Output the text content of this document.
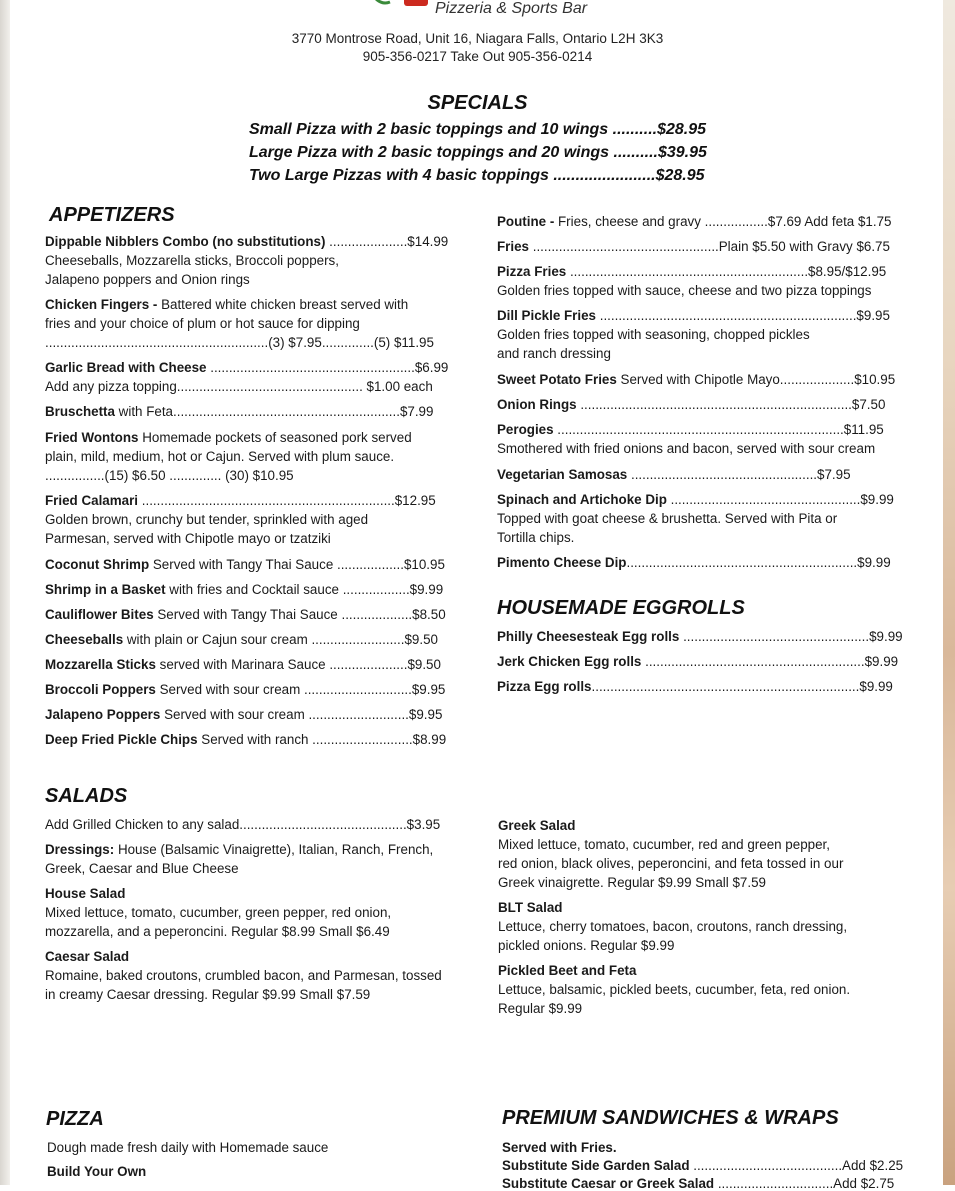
Pizzeria & Sports Bar
3770 Montrose Road, Unit 16, Niagara Falls, Ontario L2H 3K3
905-356-0217 Take Out 905-356-0214
SPECIALS
Small Pizza with 2 basic toppings and 10 wings ..........$28.95
Large Pizza with 2 basic toppings and 20 wings ..........$39.95
Two Large Pizzas with 4 basic toppings .......................$28.95
APPETIZERS
Dippable Nibblers Combo (no substitutions) .....................$14.99
Cheeseballs, Mozzarella sticks, Broccoli poppers,
Jalapeno poppers and Onion rings
Chicken Fingers - Battered white chicken breast served with
fries and your choice of plum or hot sauce for dipping
............................................................(3) $7.95..............(5) $11.95
Garlic Bread with Cheese .......................................................$6.99
Add any pizza topping.................................................. $1.00 each
Bruschetta with Feta.............................................................$7.99
Fried Wontons Homemade pockets of seasoned pork served
plain, mild, medium, hot or Cajun. Served with plum sauce.
................(15) $6.50 .............. (30) $10.95
Fried Calamari ....................................................................$12.95
Golden brown, crunchy but tender, sprinkled with aged
Parmesan, served with Chipotle mayo or tzatziki
Coconut Shrimp Served with Tangy Thai Sauce ..................$10.95
Shrimp in a Basket with fries and Cocktail sauce ..................$9.99
Cauliflower Bites Served with Tangy Thai Sauce ...................$8.50
Cheeseballs with plain or Cajun sour cream .........................$9.50
Mozzarella Sticks served with Marinara Sauce .....................$9.50
Broccoli Poppers Served with sour cream .............................$9.95
Jalapeno Poppers Served with sour cream ...........................$9.95
Deep Fried Pickle Chips Served with ranch ...........................$8.99
Poutine - Fries, cheese and gravy .................$7.69 Add feta $1.75
Fries ..................................................Plain $5.50 with Gravy $6.75
Pizza Fries ................................................................$8.95/$12.95
Golden fries topped with sauce, cheese and two pizza toppings
Dill Pickle Fries .....................................................................$9.95
Golden fries topped with seasoning, chopped pickles
and ranch dressing
Sweet Potato Fries Served with Chipotle Mayo....................$10.95
Onion Rings .........................................................................$7.50
Perogies .............................................................................$11.95
Smothered with fried onions and bacon, served with sour cream
Vegetarian Samosas ..................................................$7.95
Spinach and Artichoke Dip ...................................................$9.99
Topped with goat cheese & brushetta. Served with Pita or
Tortilla chips.
Pimento Cheese Dip..............................................................$9.99
HOUSEMADE EGGROLLS
Philly Cheesesteak Egg rolls ..................................................$9.99
Jerk Chicken Egg rolls ...........................................................$9.99
Pizza Egg rolls........................................................................$9.99
SALADS
Add Grilled Chicken to any salad.............................................$3.95
Dressings: House (Balsamic Vinaigrette), Italian, Ranch, French,
Greek, Caesar and Blue Cheese
House Salad
Mixed lettuce, tomato, cucumber, green pepper, red onion,
mozzarella, and a peperoncini. Regular $8.99 Small $6.49
Caesar Salad
Romaine, baked croutons, crumbled bacon, and Parmesan, tossed
in creamy Caesar dressing. Regular $9.99 Small $7.59
Greek Salad
Mixed lettuce, tomato, cucumber, red and green pepper,
red onion, black olives, peperoncini, and feta tossed in our
Greek vinaigrette. Regular $9.99 Small $7.59
BLT Salad
Lettuce, cherry tomatoes, bacon, croutons, ranch dressing,
pickled onions. Regular $9.99
Pickled Beet and Feta
Lettuce, balsamic, pickled beets, cucumber, feta, red onion.
Regular $9.99
PIZZA
Dough made fresh daily with Homemade sauce
Build Your Own
PREMIUM SANDWICHES & WRAPS
Served with Fries.
Substitute Side Garden Salad ........................................Add $2.25
Substitute Caesar or Greek Salad ...............................Add $2.75
